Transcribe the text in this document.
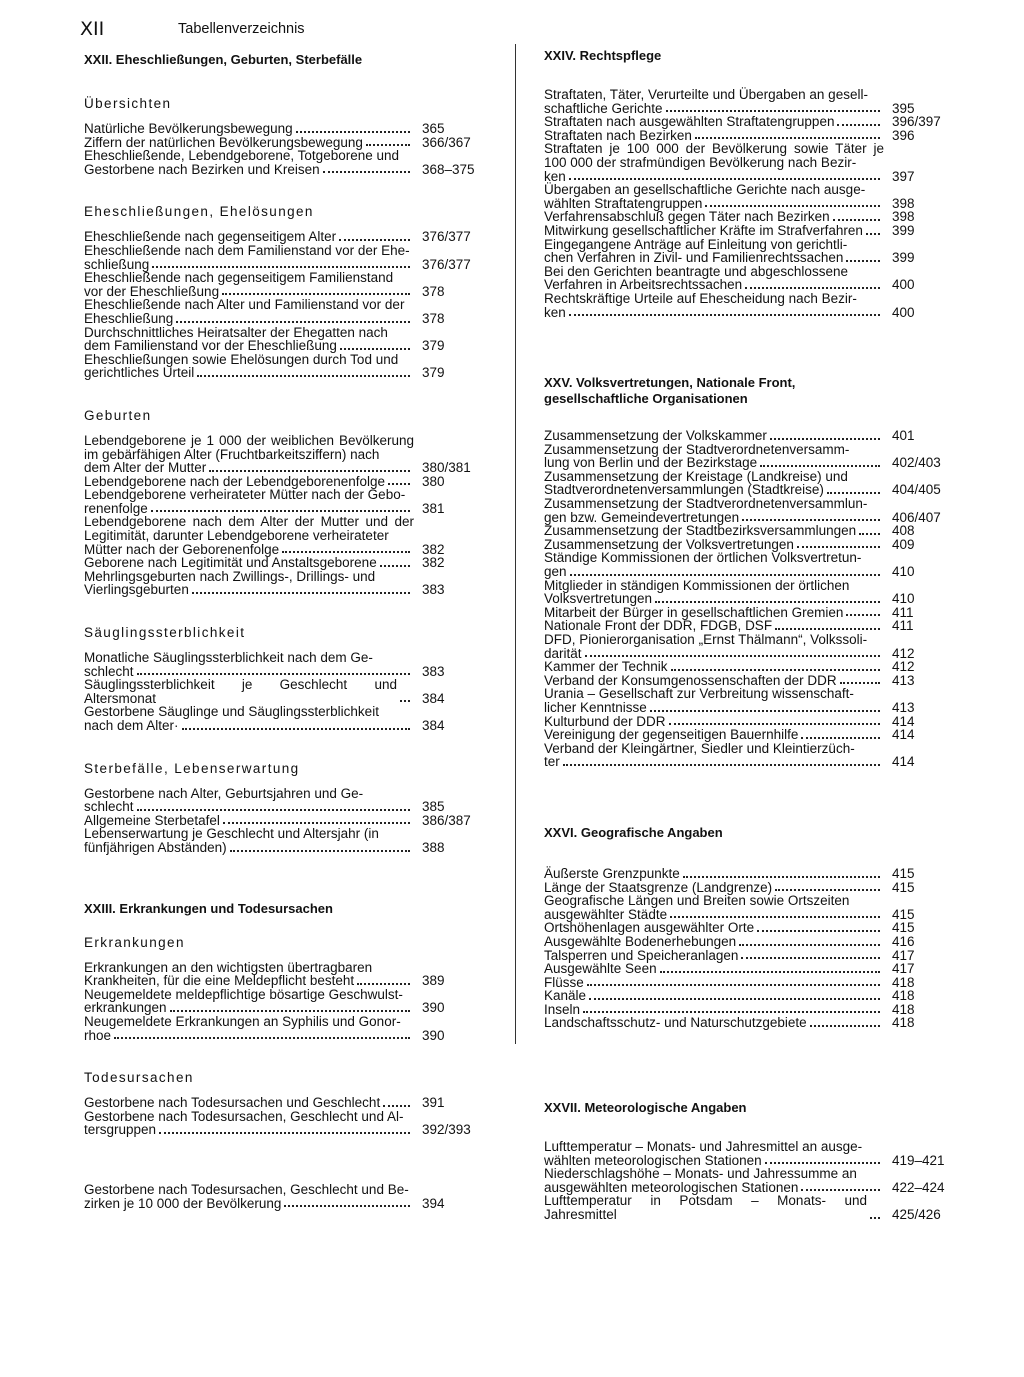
XII	Tabellenverzeichnis
XXII. Eheschließungen, Geburten, Sterbefälle
Übersichten
Natürliche Bevölkerungsbewegung	365
Ziffern der natürlichen Bevölkerungsbewegung	366/367
Eheschließende, Lebendgeborene, Totgeborene und
Gestorbene nach Bezirken und Kreisen	368–375
Eheschließungen, Ehelösungen
Eheschließende nach gegenseitigem Alter	376/377
Eheschließende nach dem Familienstand vor der Ehe-
schließung	376/377
Eheschließende nach gegenseitigem Familienstand
vor der Eheschließung	378
Eheschließende nach Alter und Familienstand vor der
Eheschließung	378
Durchschnittliches Heiratsalter der Ehegatten nach
dem Familienstand vor der Eheschließung	379
Eheschließungen sowie Ehelösungen durch Tod und
gerichtliches Urteil	379
Geburten
Lebendgeborene je 1 000 der weiblichen Bevölkerung im gebärfähigen Alter (Fruchtbarkeitsziffern) nach
dem Alter der Mutter	380/381
Lebendgeborene nach der Lebendgeborenenfolge	380
Lebendgeborene verheirateter Mütter nach der Gebo-
renenfolge	381
Lebendgeborene nach dem Alter der Mutter und der Legitimität, darunter Lebendgeborene verheirateter
Mütter nach der Geborenenfolge	382
Geborene nach Legitimität und Anstaltsgeborene	382
Mehrlingsgeburten nach Zwillings-, Drillings- und
Vierlingsgeburten	383
Säuglingssterblichkeit
Monatliche Säuglingssterblichkeit nach dem Ge-
schlecht	383
Säuglingssterblichkeit je Geschlecht und Altersmonat	384
Gestorbene Säuglinge und Säuglingssterblichkeit
nach dem Alter·	384
Sterbefälle, Lebenserwartung
Gestorbene nach Alter, Geburtsjahren und Ge-
schlecht	385
Allgemeine Sterbetafel	386/387
Lebenserwartung je Geschlecht und Altersjahr (in
fünfjährigen Abständen)	388
XXIII. Erkrankungen und Todesursachen
Erkrankungen
Erkrankungen an den wichtigsten übertragbaren
Krankheiten, für die eine Meldepflicht besteht	389
Neugemeldete meldepflichtige bösartige Geschwulst-
erkrankungen	390
Neugemeldete Erkrankungen an Syphilis und Gonor-
rhoe	390
Todesursachen
Gestorbene nach Todesursachen und Geschlecht	391
Gestorbene nach Todesursachen, Geschlecht und Al-
tersgruppen	392/393
Gestorbene nach Todesursachen, Geschlecht und Be-
zirken je 10 000 der Bevölkerung	394
XXIV. Rechtspflege
Straftaten, Täter, Verurteilte und Übergaben an gesell-
schaftliche Gerichte	395
Straftaten nach ausgewählten Straftatengruppen	396/397
Straftaten nach Bezirken	396
Straftaten je 100 000 der Bevölkerung sowie Täter je 100 000 der strafmündigen Bevölkerung nach Bezir-
ken	397
Übergaben an gesellschaftliche Gerichte nach ausge-
wählten Straftatengruppen	398
Verfahrensabschluß gegen Täter nach Bezirken	398
Mitwirkung gesellschaftlicher Kräfte im Strafverfahren 399
Eingegangene Anträge auf Einleitung von gerichtli-
chen Verfahren in Zivil- und Familienrechtssachen	399
Bei den Gerichten beantragte und abgeschlossene
Verfahren in Arbeitsrechtssachen	400
Rechtskräftige Urteile auf Ehescheidung nach Bezir-
ken	400
XXV. Volksvertretungen, Nationale Front,
gesellschaftliche Organisationen
Zusammensetzung der Volkskammer	401
Zusammensetzung der Stadtverordnetenversamm-
lung von Berlin und der Bezirkstage	402/403
Zusammensetzung der Kreistage (Landkreise) und
Stadtverordnetenversammlungen (Stadtkreise)	404/405
Zusammensetzung der Stadtverordnetenversammlun-
gen bzw. Gemeindevertretungen	406/407
Zusammensetzung der Stadtbezirksversammlungen	408
Zusammensetzung der Volksvertretungen	409
Ständige Kommissionen der örtlichen Volksvertretun-
gen	410
Mitglieder in ständigen Kommissionen der örtlichen
Volksvertretungen	410
Mitarbeit der Bürger in gesellschaftlichen Gremien	411
Nationale Front der DDR, FDGB, DSF	411
DFD, Pionierorganisation „Ernst Thälmann“, Volkssoli-
darität	412
Kammer der Technik	412
Verband der Konsumgenossenschaften der DDR	413
Urania – Gesellschaft zur Verbreitung wissenschaft-
licher Kenntnisse	413
Kulturbund der DDR	414
Vereinigung der gegenseitigen Bauernhilfe	414
Verband der Kleingärtner, Siedler und Kleintierzüch-
ter	414
XXVI. Geografische Angaben
Äußerste Grenzpunkte	415
Länge der Staatsgrenze (Landgrenze)	415
Geografische Längen und Breiten sowie Ortszeiten
ausgewählter Städte	415
Ortshöhenlagen ausgewählter Orte	415
Ausgewählte Bodenerhebungen	416
Talsperren und Speicheranlagen	417
Ausgewählte Seen	417
Flüsse	418
Kanäle	418
Inseln	418
Landschaftsschutz- und Naturschutzgebiete	418
XXVII. Meteorologische Angaben
Lufttemperatur – Monats- und Jahresmittel an ausge-
wählten meteorologischen Stationen	419–421
Niederschlagshöhe – Monats- und Jahressumme an
ausgewählten meteorologischen Stationen	422–424
Lufttemperatur in Potsdam – Monats- und Jahresmittel	425/426
